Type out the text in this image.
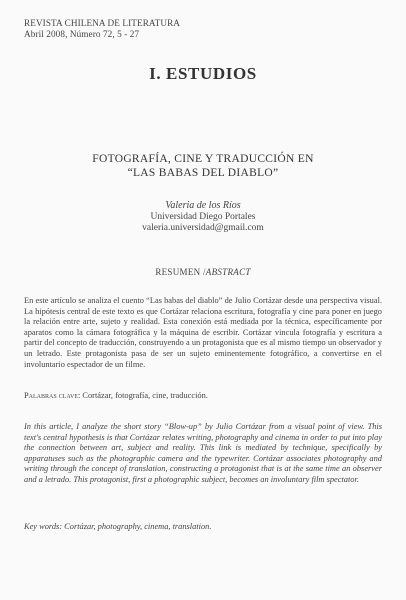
REVISTA CHILENA DE LITERATURA
Abril 2008, Número 72, 5 - 27
I. ESTUDIOS
FOTOGRAFÍA, CINE Y TRADUCCIÓN EN
“LAS BABAS DEL DIABLO”
Valeria de los Ríos
Universidad Diego Portales
valeria.universidad@gmail.com
RESUMEN /ABSTRACT
En este artículo se analiza el cuento “Las babas del diablo” de Julio Cortázar desde una perspectiva visual. La hipótesis central de este texto es que Cortázar relaciona escritura, fotografía y cine para poner en juego la relación entre arte, sujeto y realidad. Esta conexión está mediada por la técnica, específicamente por aparatos como la cámara fotográfica y la máquina de escribir. Cortázar vincula fotografía y escritura a partir del concepto de traducción, construyendo a un protagonista que es al mismo tiempo un observador y un letrado. Este protagonista pasa de ser un sujeto eminentemente fotográfico, a convertirse en el involuntario espectador de un filme.
Palabras clave: Cortázar, fotografía, cine, traducción.
In this article, I analyze the short story “Blow-up” by Julio Cortázar from a visual point of view. This text's central hypothesis is that Cortázar relates writing, photography and cinema in order to put into play the connection between art, subject and reality. This link is mediated by technique, specifically by apparatuses such as the photographic camera and the typewriter. Cortázar associates photography and writing through the concept of translation, constructing a protagonist that is at the same time an observer and a letrado. This protagonist, first a photographic subject, becomes an involuntary film spectator.
Key words: Cortázar, photography, cinema, translation.
